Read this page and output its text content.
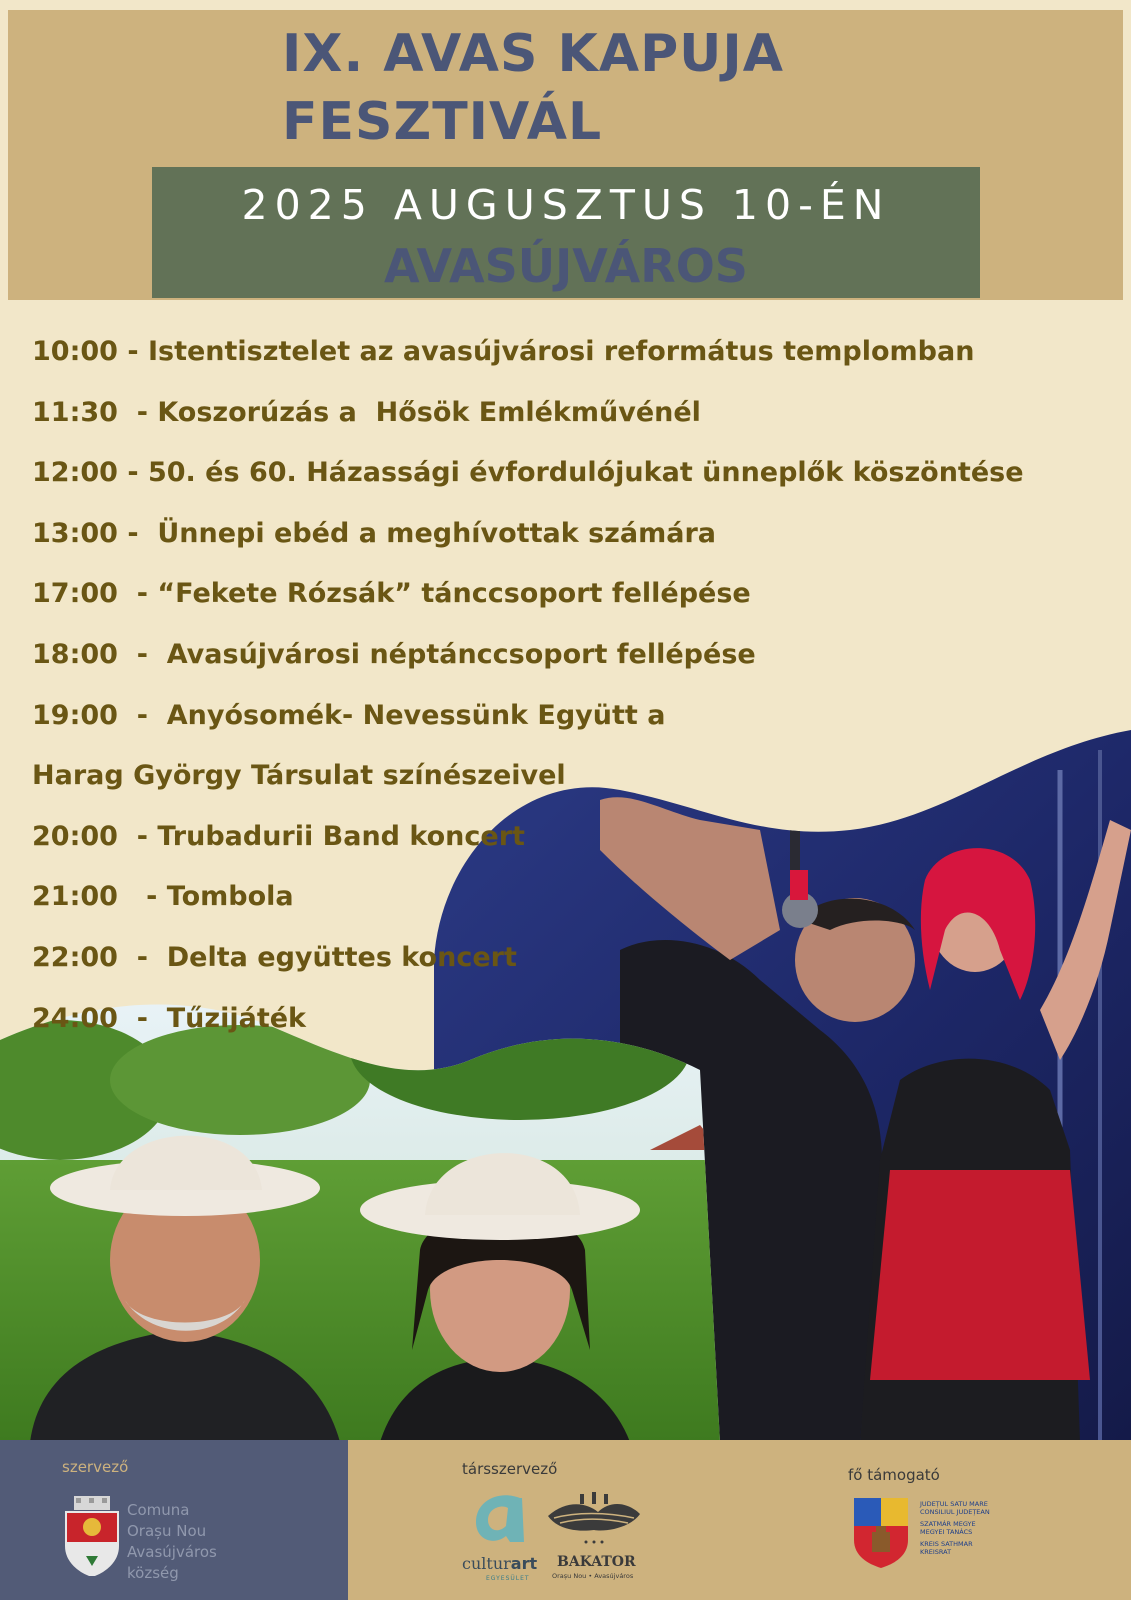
IX. AVAS KAPUJA
FESZTIVÁL
2025 AUGUSZTUS 10-ÉN
AVASÚJVÁROS
10:00 - Istentisztelet az avasújvárosi református templomban
11:30  - Koszorúzás a  Hősök Emlékművénél
12:00 - 50. és 60. Házassági évfordulójukat ünneplők köszöntése
13:00 -  Ünnepi ebéd a meghívottak számára
17:00  - “Fekete Rózsák” tánccsoport fellépése
18:00  -  Avasújvárosi néptánccsoport fellépése
19:00  -  Anyósomék- Nevessünk Együtt a
Harag György Társulat színészeivel
20:00  - Trubadurii Band koncert
21:00   - Tombola
22:00  -  Delta együttes koncert
24:00  -  Tűzijáték
szervező
Comuna
Orașu Nou
Avasújváros
község
társszervező
culturart
EGYESÜLET
BAKATOR
Orașu Nou • Avasújváros
fő támogató
JUDEȚUL SATU MARE
CONSILIUL JUDEȚEAN
SZATMÁR MEGYE
MEGYEI TANÁCS
KREIS SATHMAR
KREISRAT
